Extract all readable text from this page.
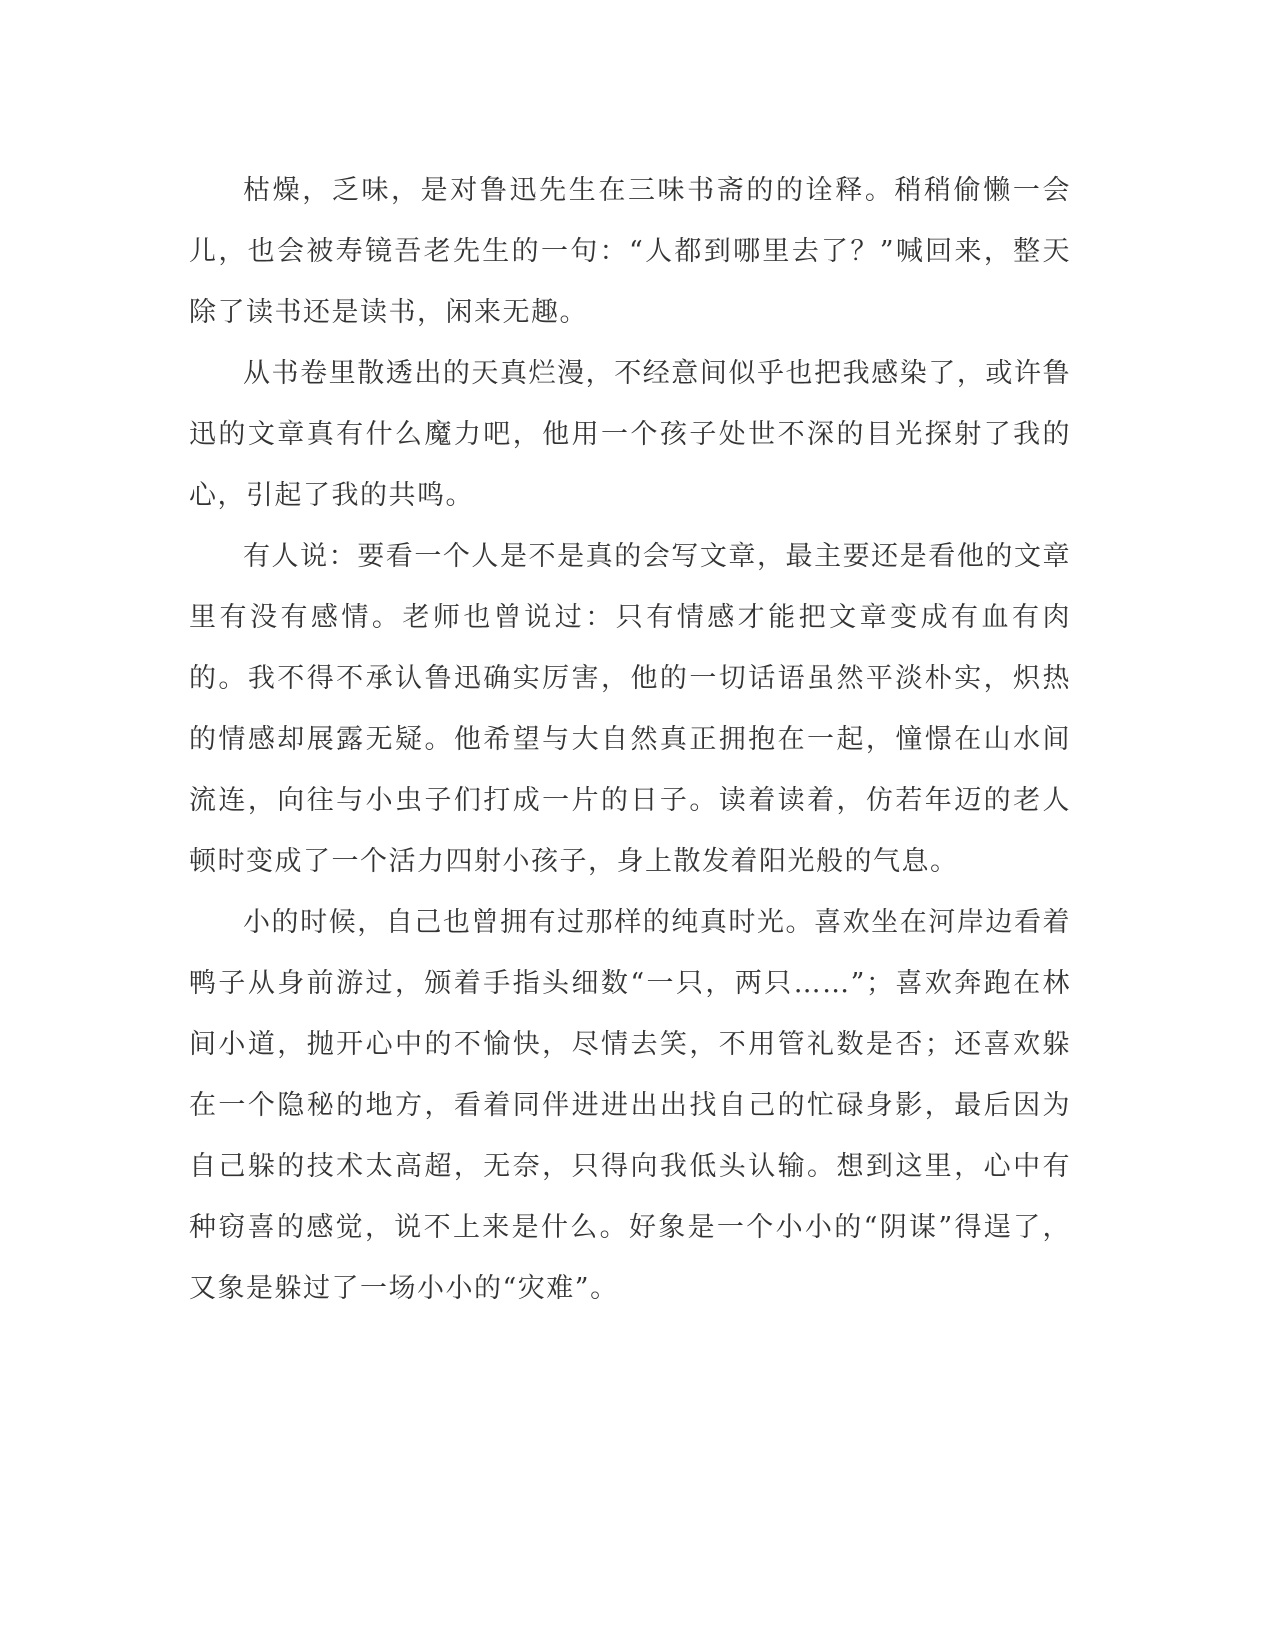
枯燥，乏味，是对鲁迅先生在三味书斋的的诠释。稍稍偷懒一会儿，也会被寿镜吾老先生的一句：“人都到哪里去了？”喊回来，整天除了读书还是读书，闲来无趣。

从书卷里散透出的天真烂漫，不经意间似乎也把我感染了，或许鲁迅的文章真有什么魔力吧，他用一个孩子处世不深的目光探射了我的心，引起了我的共鸣。

有人说：要看一个人是不是真的会写文章，最主要还是看他的文章里有没有感情。老师也曾说过：只有情感才能把文章变成有血有肉的。我不得不承认鲁迅确实厉害，他的一切话语虽然平淡朴实，炽热的情感却展露无疑。他希望与大自然真正拥抱在一起，憧憬在山水间流连，向往与小虫子们打成一片的日子。读着读着，仿若年迈的老人顿时变成了一个活力四射小孩子，身上散发着阳光般的气息。

小的时候，自己也曾拥有过那样的纯真时光。喜欢坐在河岸边看着鸭子从身前游过，颁着手指头细数“一只，两只……”；喜欢奔跑在林间小道，抛开心中的不愉快，尽情去笑，不用管礼数是否；还喜欢躲在一个隐秘的地方，看着同伴进进出出找自己的忙碌身影，最后因为自己躲的技术太高超，无奈，只得向我低头认输。想到这里，心中有种窃喜的感觉，说不上来是什么。好象是一个小小的“阴谋”得逞了，又象是躲过了一场小小的“灾难”。
